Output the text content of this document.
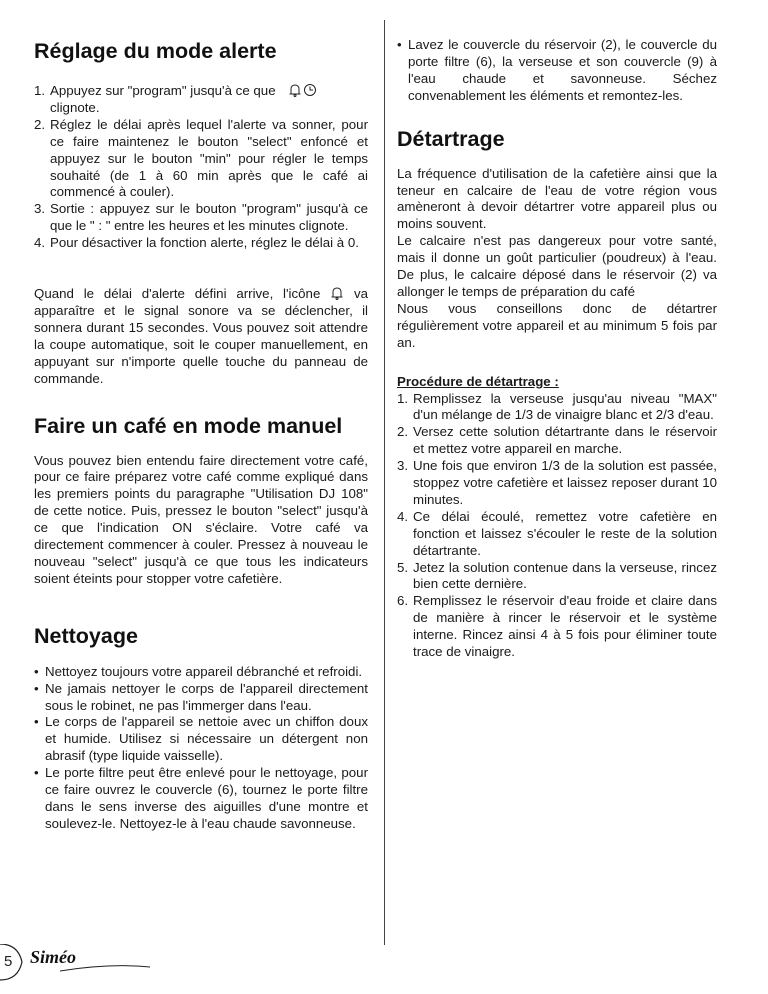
Réglage du mode alerte
1. Appuyez sur "program" jusqu'à ce que
clignote.
2. Réglez le délai après lequel l'alerte va sonner, pour ce faire maintenez le bouton "select" enfoncé et appuyez sur le bouton "min" pour régler le temps souhaité (de 1 à 60 min après que le café ai commencé à couler).
3. Sortie : appuyez sur le bouton "program" jusqu'à ce que le " : " entre les heures et les minutes clignote.
4. Pour désactiver la fonction alerte, réglez le délai à 0.

Quand le délai d'alerte défini arrive, l'icône	va apparaître et le signal sonore va se déclencher, il sonnera durant 15 secondes. Vous pouvez soit attendre la coupe automatique, soit le couper manuellement, en appuyant sur n'importe quelle touche du panneau de commande.

Faire un café en mode manuel

Vous pouvez bien entendu faire directement votre café, pour ce faire préparez votre café comme expliqué dans les premiers points du paragraphe "Utilisation DJ 108" de cette notice. Puis, pressez le bouton "select" jusqu'à ce que l'indication ON s'éclaire. Votre café va directement commencer à couler. Pressez à nouveau le nouveau "select" jusqu'à ce que tous les indicateurs soient éteints pour stopper votre cafetière.

Nettoyage
• Nettoyez toujours votre appareil débranché et refroidi.
• Ne jamais nettoyer le corps de l'appareil directement sous le robinet, ne pas l'immerger dans l'eau.
• Le corps de l'appareil se nettoie avec un chiffon doux et humide. Utilisez si nécessaire un détergent non abrasif (type liquide vaisselle).
• Le porte filtre peut être enlevé pour le nettoyage, pour ce faire ouvrez le couvercle (6), tournez le porte filtre dans le sens inverse des aiguilles d'une montre et soulevez-le. Nettoyez-le à l'eau chaude savonneuse.
• Lavez le couvercle du réservoir (2), le couvercle du porte filtre (6), la verseuse et son couvercle (9) à l'eau chaude et savonneuse. Séchez convenablement les éléments et remontez-les.
Détartrage

La fréquence d'utilisation de la cafetière ainsi que la teneur en calcaire de l'eau de votre région vous amèneront à devoir détartrer votre appareil plus ou moins souvent.

Le calcaire n'est pas dangereux pour votre santé, mais il donne un goût particulier (poudreux) à l'eau. De plus, le calcaire déposé dans le réservoir (2) va allonger le temps de préparation du café

Nous vous conseillons donc de détartrer régulièrement votre appareil et au minimum 5 fois par an.

Procédure de détartrage :

1. Remplissez la verseuse jusqu'au niveau "MAX" d'un mélange de 1/3 de vinaigre blanc et 2/3 d'eau.
2. Versez cette solution détartrante dans le réservoir et mettez votre appareil en marche.
3. Une fois que environ 1/3 de la solution est passée, stoppez votre cafetière et laissez reposer durant 10 minutes.
4. Ce délai écoulé, remettez votre cafetière en fonction et laissez s'écouler le reste de la solution détartrante.
5. Jetez la solution contenue dans la verseuse, rincez bien cette dernière.
6. Remplissez le réservoir d'eau froide et claire dans de manière à rincer le réservoir et le système interne. Rincez ainsi 4 à 5 fois pour éliminer toute trace de vinaigre.
5 Siméo
